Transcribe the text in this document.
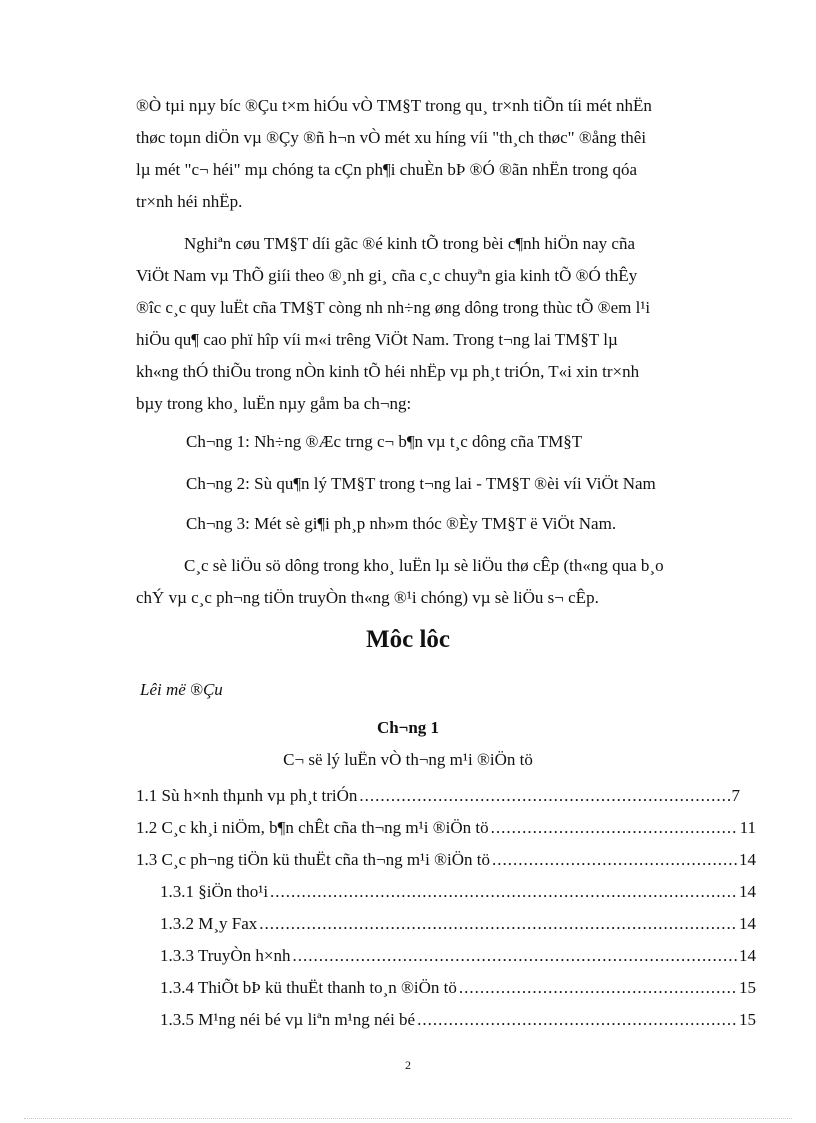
®Ò tµi nµy bíc ®Çu t×m hiÓu vÒ TM§T trong qu¸ tr×nh tiÕn tíi mét nhËn
thøc toµn diÖn vµ ®Çy ®ñ h¬n vÒ mét xu híng víi "th¸ch thøc" ®ång thêi
lµ mét "c¬ héi" mµ chóng ta cÇn ph¶i chuÈn bÞ ®Ó ®ãn nhËn trong qóa
tr×nh héi nhËp.
Nghiªn cøu TM§T díi gãc ®é kinh tÕ trong bèi c¶nh hiÖn nay cña
ViÖt Nam vµ ThÕ giíi theo ®¸nh gi¸ cña c¸c chuyªn gia kinh tÕ ®Ó thÊy
®îc c¸c quy luËt cña TM§T còng nh nh÷ng øng dông trong thùc tÕ ®em l¹i
hiÖu qu¶ cao phï hîp víi m«i trêng ViÖt Nam. Trong t¬ng lai TM§T lµ
kh«ng thÓ thiÕu trong nÒn kinh tÕ héi nhËp vµ ph¸t triÓn, T«i xin tr×nh
bµy trong kho¸ luËn nµy gåm ba ch¬ng:
Ch¬ng 1: Nh÷ng ®Æc trng c¬ b¶n vµ t¸c dông cña TM§T
Ch¬ng 2: Sù qu¶n lý TM§T trong t¬ng lai - TM§T ®èi víi ViÖt Nam
Ch¬ng 3: Mét sè gi¶i ph¸p nh»m thóc ®Èy TM§T ë ViÖt Nam.
C¸c sè liÖu sö dông trong kho¸ luËn lµ sè liÖu thø cÊp (th«ng qua b¸o
chÝ vµ c¸c ph¬ng tiÖn truyÒn th«ng ®¹i chóng) vµ sè liÖu s¬ cÊp.
Môc lôc
Lêi më ®Çu
Ch¬ng 1
C¬ së lý luËn vÒ th¬ng m¹i ®iÖn tö
1.1 Sù h×nh thµnh vµ ph¸t triÓn .....	7
1.2 C¸c kh¸i niÖm, b¶n chÊt cña th¬ng m¹i ®iÖn tö .....	11
1.3 C¸c ph¬ng tiÖn kü thuËt cña th¬ng m¹i ®iÖn tö .....	14
1.3.1 §iÖn tho¹i .....	14
1.3.2 M¸y Fax .....	14
1.3.3 TruyÒn h×nh .....	14
1.3.4 ThiÕt bÞ kü thuËt thanh to¸n ®iÖn tö .....	15
1.3.5 M¹ng néi bé vµ liªn m¹ng néi bé .....	15
2
